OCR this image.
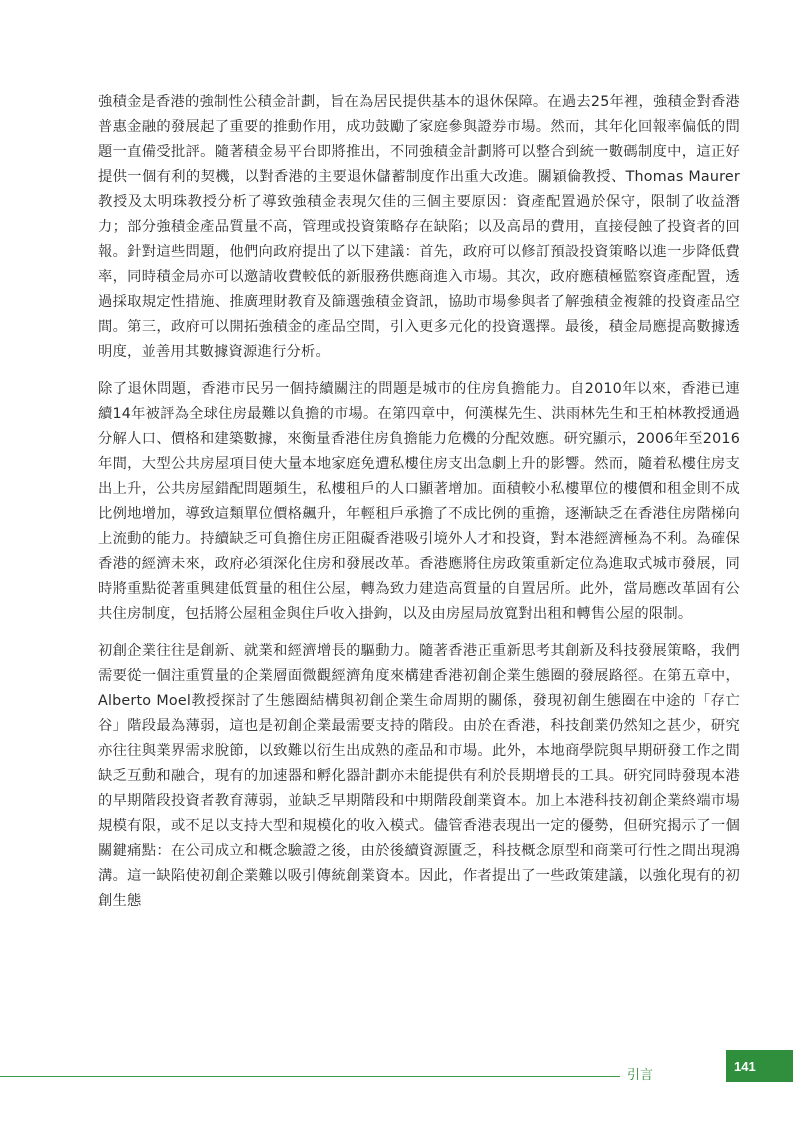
強積金是香港的強制性公積金計劃，旨在為居民提供基本的退休保障。在過去25年裡，強積金對香港普惠金融的發展起了重要的推動作用，成功鼓勵了家庭參與證券市場。然而，其年化回報率偏低的問題一直備受批評。隨著積金易平台即將推出，不同強積金計劃將可以整合到統一數碼制度中，這正好提供一個有利的契機，以對香港的主要退休儲蓄制度作出重大改進。關穎倫教授、Thomas Maurer教授及太明珠教授分析了導致強積金表現欠佳的三個主要原因：資產配置過於保守，限制了收益潛力；部分強積金產品質量不高，管理或投資策略存在缺陷；以及高昂的費用，直接侵蝕了投資者的回報。針對這些問題，他們向政府提出了以下建議：首先，政府可以修訂預設投資策略以進一步降低費率，同時積金局亦可以邀請收費較低的新服務供應商進入市場。其次，政府應積極監察資產配置，透過採取規定性措施、推廣理財教育及篩選強積金資訊，協助市場參與者了解強積金複雜的投資產品空間。第三，政府可以開拓強積金的產品空間，引入更多元化的投資選擇。最後，積金局應提高數據透明度，並善用其數據資源進行分析。

除了退休問題，香港市民另一個持續關注的問題是城市的住房負擔能力。自2010年以來，香港已連續14年被評為全球住房最難以負擔的市場。在第四章中，何漢楳先生、洪雨林先生和王柏林教授通過分解人口、價格和建築數據，來衡量香港住房負擔能力危機的分配效應。研究顯示，2006年至2016年間，大型公共房屋項目使大量本地家庭免遭私樓住房支出急劇上升的影響。然而，隨着私樓住房支出上升，公共房屋錯配問題頻生，私樓租戶的人口顯著增加。面積較小私樓單位的樓價和租金則不成比例地增加，導致這類單位價格飆升，年輕租戶承擔了不成比例的重擔，逐漸缺乏在香港住房階梯向上流動的能力。持續缺乏可負擔住房正阻礙香港吸引境外人才和投資，對本港經濟極為不利。為確保香港的經濟未來，政府必須深化住房和發展改革。香港應將住房政策重新定位為進取式城市發展，同時將重點從著重興建低質量的租住公屋，轉為致力建造高質量的自置居所。此外，當局應改革固有公共住房制度，包括將公屋租金與住戶收入掛鉤，以及由房屋局放寬對出租和轉售公屋的限制。

初創企業往往是創新、就業和經濟增長的驅動力。隨著香港正重新思考其創新及科技發展策略，我們需要從一個注重質量的企業層面微觀經濟角度來構建香港初創企業生態圈的發展路徑。在第五章中，Alberto Moel教授探討了生態圈結構與初創企業生命周期的關係，發現初創生態圈在中途的「存亡谷」階段最為薄弱，這也是初創企業最需要支持的階段。由於在香港，科技創業仍然知之甚少，研究亦往往與業界需求脫節，以致難以衍生出成熟的產品和市場。此外，本地商學院與早期研發工作之間缺乏互動和融合，現有的加速器和孵化器計劃亦未能提供有利於長期增長的工具。研究同時發現本港的早期階段投資者教育薄弱，並缺乏早期階段和中期階段創業資本。加上本港科技初創企業終端市場規模有限，或不足以支持大型和規模化的收入模式。儘管香港表現出一定的優勢，但研究揭示了一個關鍵痛點：在公司成立和概念驗證之後，由於後續資源匱乏，科技概念原型和商業可行性之間出現鴻溝。這一缺陷使初創企業難以吸引傳統創業資本。因此，作者提出了一些政策建議，以強化現有的初創生態

引言
141
